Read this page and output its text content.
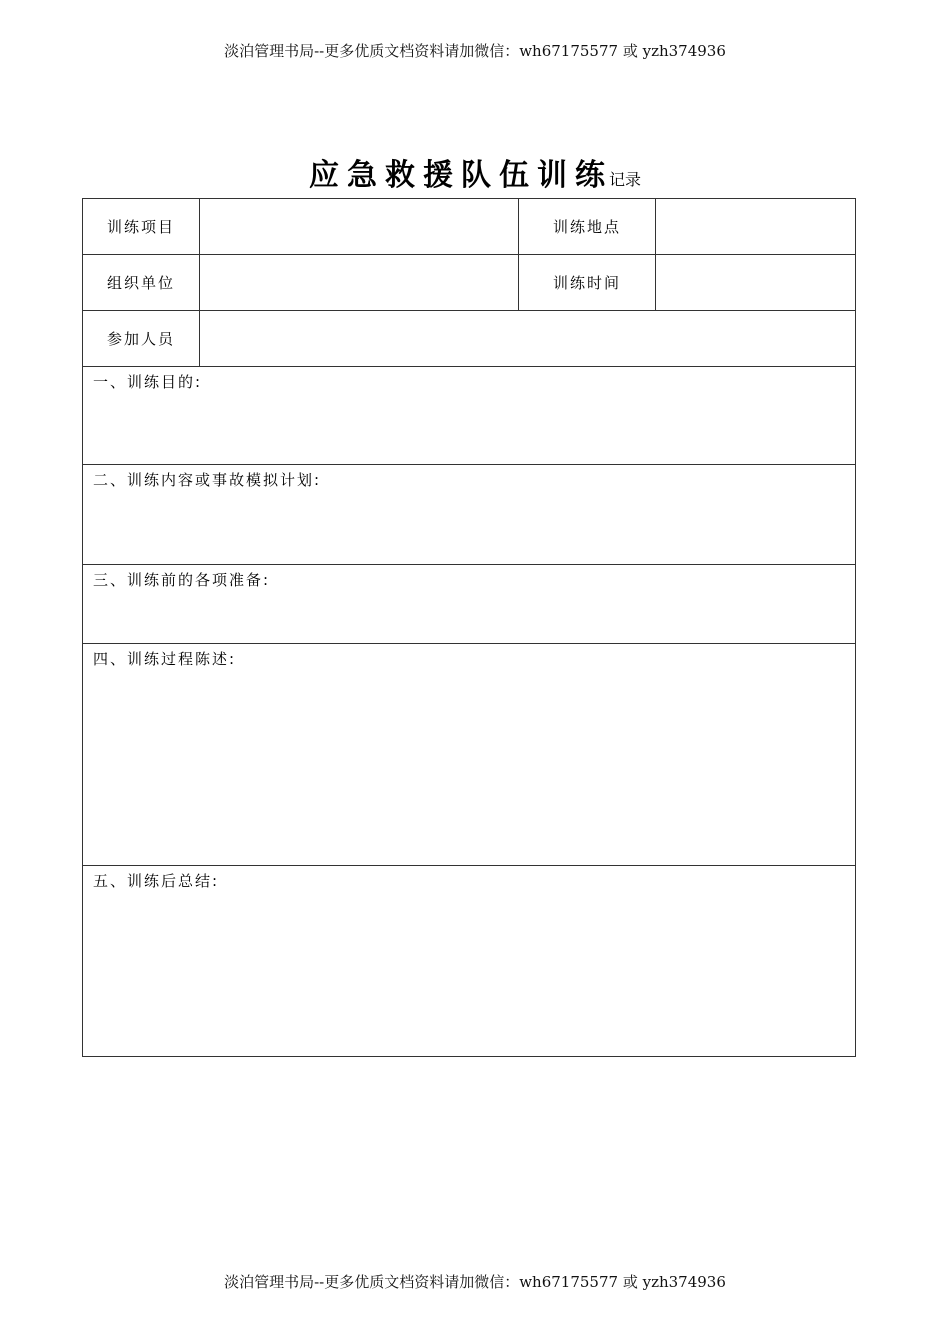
淡泊管理书局--更多优质文档资料请加微信：wh67175577 或 yzh374936
应急救援队伍训练记录
训练项目		训练地点	
组织单位		训练时间	
参加人员			
一、训练目的:			
二、训练内容或事故模拟计划:			
三、训练前的各项准备:			
四、训练过程陈述:			
五、训练后总结:			
淡泊管理书局--更多优质文档资料请加微信：wh67175577 或 yzh374936
